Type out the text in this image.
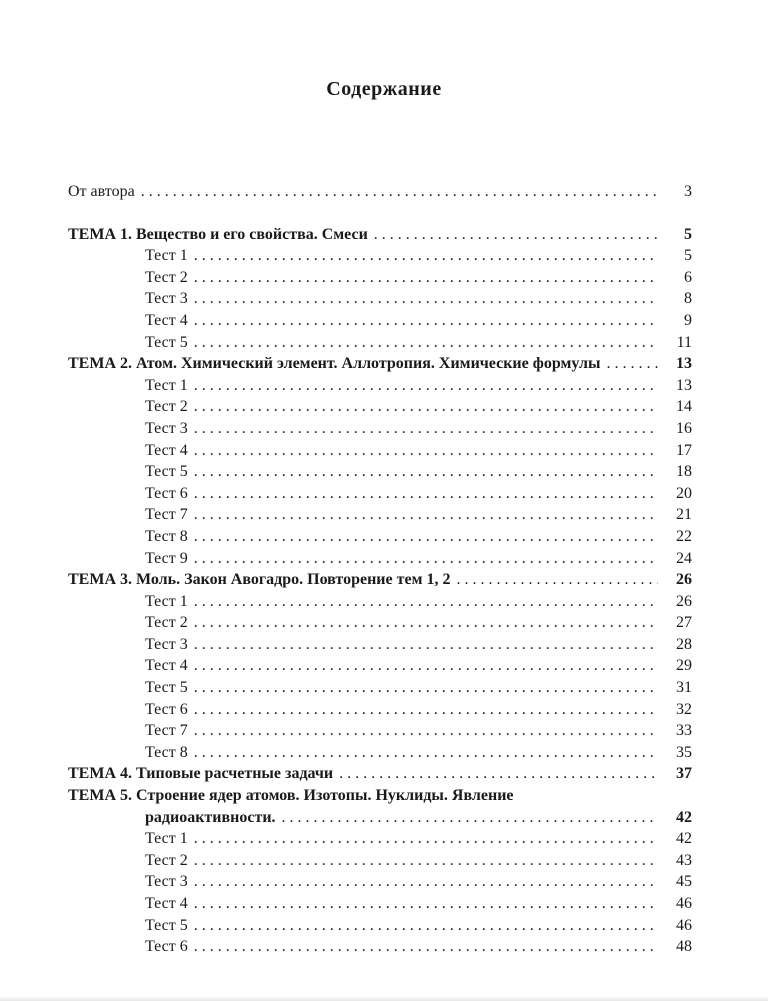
Содержание
От автора . . .	3
ТЕМА 1. Вещество и его свойства. Смеси . . .	5
Тест 1 . . .	5
Тест 2 . . .	6
Тест 3 . . .	8
Тест 4 . . .	9
Тест 5 . . .	11
ТЕМА 2. Атом. Химический элемент. Аллотропия. Химические формулы . . .	13
Тест 1 . . .	13
Тест 2 . . .	14
Тест 3 . . .	16
Тест 4 . . .	17
Тест 5 . . .	18
Тест 6 . . .	20
Тест 7 . . .	21
Тест 8 . . .	22
Тест 9 . . .	24
ТЕМА 3. Моль. Закон Авогадро. Повторение тем 1, 2 . . .	26
Тест 1 . . .	26
Тест 2 . . .	27
Тест 3 . . .	28
Тест 4 . . .	29
Тест 5 . . .	31
Тест 6 . . .	32
Тест 7 . . .	33
Тест 8 . . .	35
ТЕМА 4. Типовые расчетные задачи . . .	37
ТЕМА 5. Строение ядер атомов. Изотопы. Нуклиды. Явление
радиоактивности. . . .	42
Тест 1 . . .	42
Тест 2 . . .	43
Тест 3 . . .	45
Тест 4 . . .	46
Тест 5 . . .	46
Тест 6 . . .	48
